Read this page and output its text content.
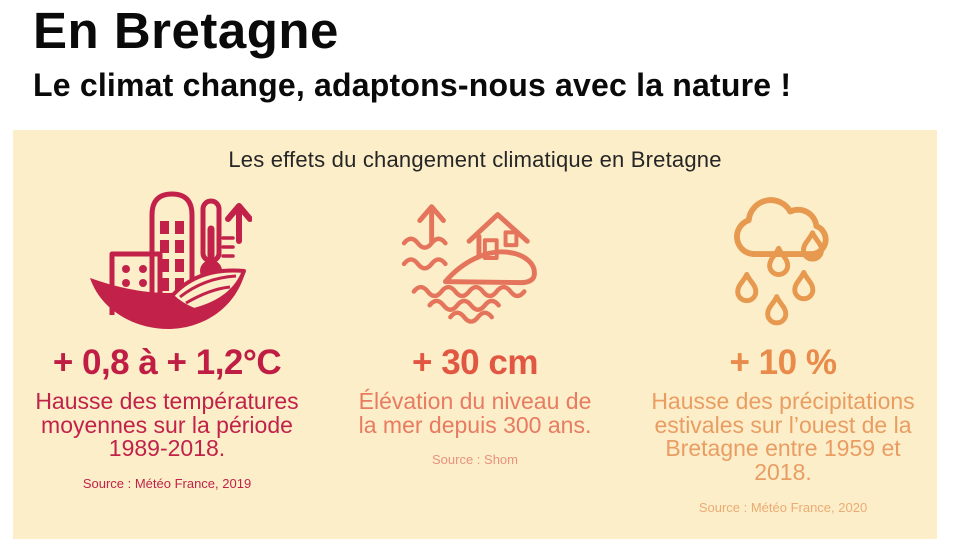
En Bretagne
Le climat change, adaptons-nous avec la nature !
Les effets du changement climatique en Bretagne
+ 0,8 à + 1,2°C
Hausse des températures
moyennes sur la période
1989-2018.
Source : Météo France, 2019
+ 30 cm
Élévation du niveau de
la mer depuis 300 ans.
Source : Shom
+ 10 %
Hausse des précipitations
estivales sur l’ouest de la
Bretagne entre 1959 et
2018.
Source : Météo France, 2020
